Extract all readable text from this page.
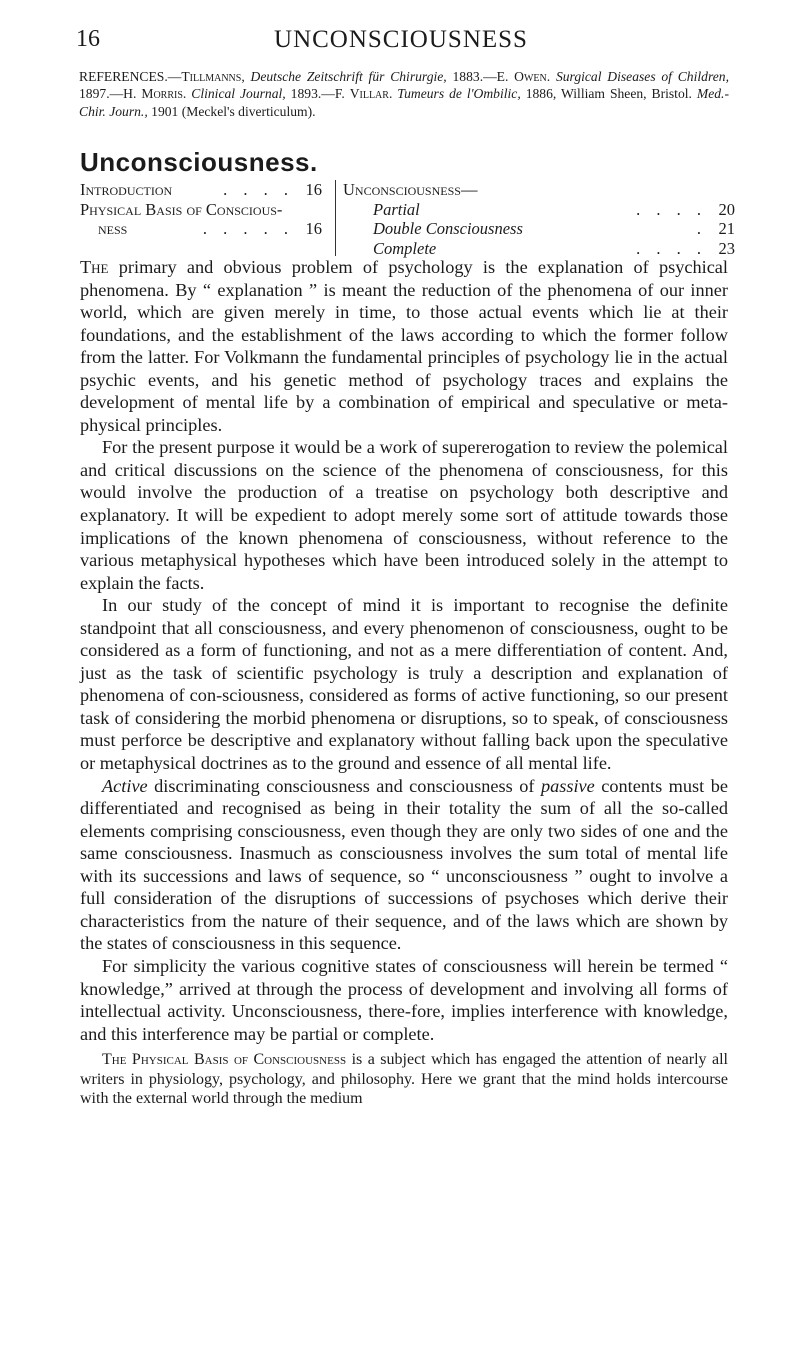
16	UNCONSCIOUSNESS
REFERENCES.—Tillmanns, Deutsche Zeitschrift für Chirurgie, 1883.—E. Owen. Surgical Diseases of Children, 1897.—H. Morris. Clinical Journal, 1893.—F. Villar. Tumeurs de l'Ombilic, 1886, William Sheen, Bristol. Med.-Chir. Journ., 1901 (Meckel's diverticulum).
Unconsciousness.
Introduction	. . . . 16
Physical Basis of Conscious-
ness	. . . . . 16
Unconsciousness—
Partial	. . . . 20
Double Consciousness	. 21
Complete	. . . . 23

The primary and obvious problem of psychology is the explanation of psychical phenomena. By “ explanation ” is meant the reduction of the phenomena of our inner world, which are given merely in time, to those actual events which lie at their foundations, and the establishment of the laws according to which the former follow from the latter. For Volkmann the fundamental principles of psychology lie in the actual psychic events, and his genetic method of psychology traces and explains the development of mental life by a combination of empirical and speculative or meta-physical principles.

For the present purpose it would be a work of supererogation to review the polemical and critical discussions on the science of the phenomena of consciousness, for this would involve the production of a treatise on psychology both descriptive and explanatory. It will be expedient to adopt merely some sort of attitude towards those implications of the known phenomena of consciousness, without reference to the various metaphysical hypotheses which have been introduced solely in the attempt to explain the facts.

In our study of the concept of mind it is important to recognise the definite standpoint that all consciousness, and every phenomenon of consciousness, ought to be considered as a form of functioning, and not as a mere differentiation of content. And, just as the task of scientific psychology is truly a description and explanation of phenomena of con-sciousness, considered as forms of active functioning, so our present task of considering the morbid phenomena or disruptions, so to speak, of consciousness must perforce be descriptive and explanatory without falling back upon the speculative or metaphysical doctrines as to the ground and essence of all mental life.

Active discriminating consciousness and consciousness of passive contents must be differentiated and recognised as being in their totality the sum of all the so-called elements comprising consciousness, even though they are only two sides of one and the same consciousness. Inasmuch as consciousness involves the sum total of mental life with its successions and laws of sequence, so “ unconsciousness ” ought to involve a full consideration of the disruptions of successions of psychoses which derive their characteristics from the nature of their sequence, and of the laws which are shown by the states of consciousness in this sequence.

For simplicity the various cognitive states of consciousness will herein be termed “ knowledge,” arrived at through the process of development and involving all forms of intellectual activity. Unconsciousness, there-fore, implies interference with knowledge, and this interference may be partial or complete.

The Physical Basis of Consciousness is a subject which has engaged the attention of nearly all writers in physiology, psychology, and philosophy. Here we grant that the mind holds intercourse with the external world through the medium
